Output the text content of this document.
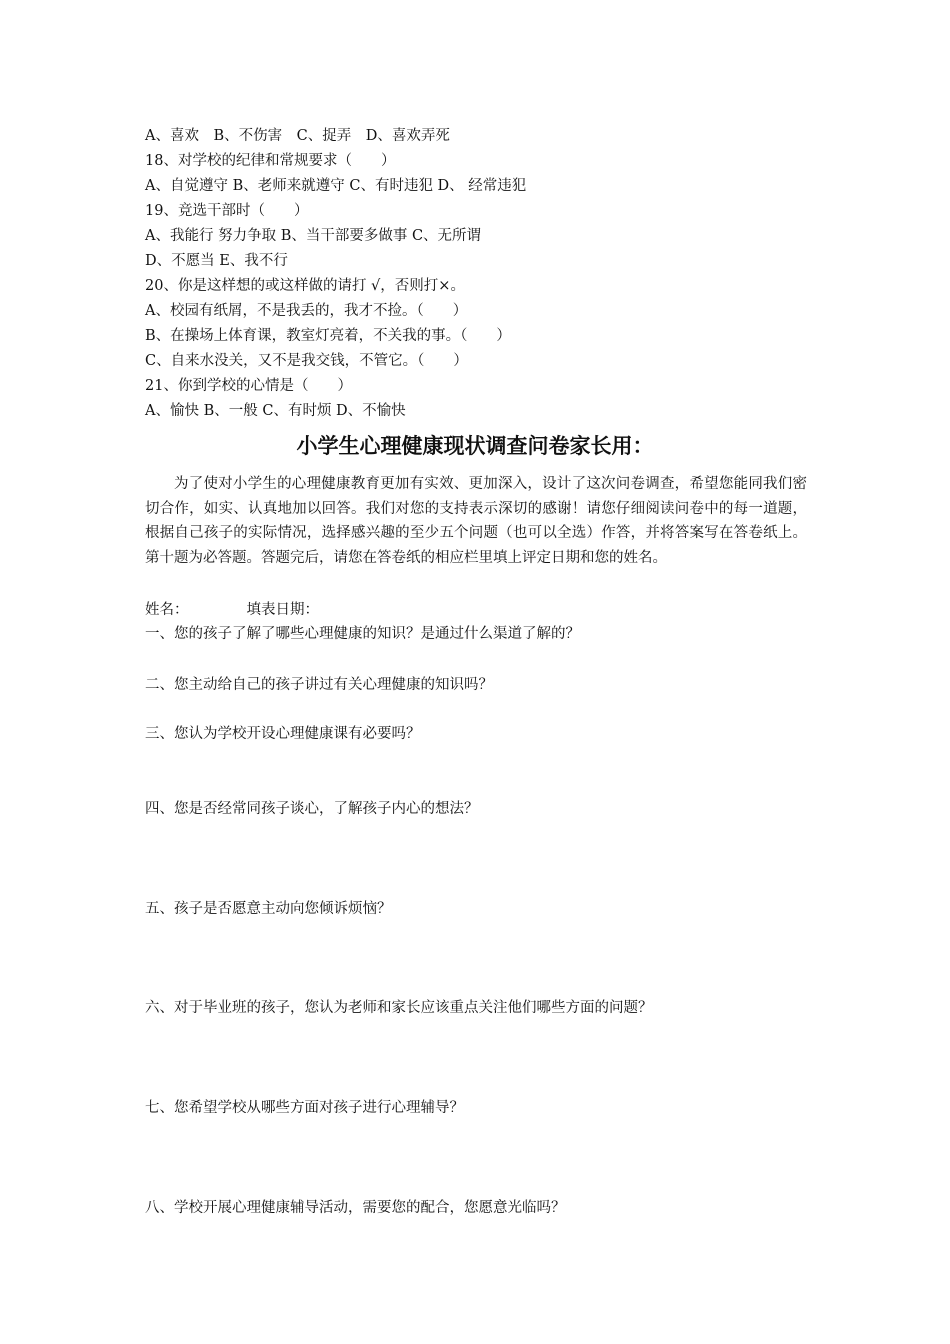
A、喜欢　B、不伤害　C、捉弄　D、喜欢弄死
18、对学校的纪律和常规要求（　　）
A、自觉遵守 B、老师来就遵守 C、有时违犯 D、 经常违犯
19、竞选干部时（　　）
A、我能行 努力争取 B、当干部要多做事 C、无所谓
D、不愿当 E、我不行
20、你是这样想的或这样做的请打 √，否则打×。
A、校园有纸屑，不是我丢的，我才不捡。（　　）
B、在操场上体育课，教室灯亮着，不关我的事。（　　）
C、自来水没关，又不是我交钱，不管它。（　　）
21、你到学校的心情是（　　）
A、愉快 B、一般 C、有时烦 D、不愉快
小学生心理健康现状调查问卷家长用：
为了使对小学生的心理健康教育更加有实效、更加深入，设计了这次问卷调查，希望您能同我们密切合作，如实、认真地加以回答。我们对您的支持表示深切的感谢！请您仔细阅读问卷中的每一道题，根据自己孩子的实际情况，选择感兴趣的至少五个问题（也可以全选）作答，并将答案写在答卷纸上。第十题为必答题。答题完后，请您在答卷纸的相应栏里填上评定日期和您的姓名。
姓名：	填表日期：
一、您的孩子了解了哪些心理健康的知识？是通过什么渠道了解的？
二、您主动给自己的孩子讲过有关心理健康的知识吗？
三、您认为学校开设心理健康课有必要吗？
四、您是否经常同孩子谈心，了解孩子内心的想法？
五、孩子是否愿意主动向您倾诉烦恼？
六、对于毕业班的孩子，您认为老师和家长应该重点关注他们哪些方面的问题？
七、您希望学校从哪些方面对孩子进行心理辅导？
八、学校开展心理健康辅导活动，需要您的配合，您愿意光临吗？
